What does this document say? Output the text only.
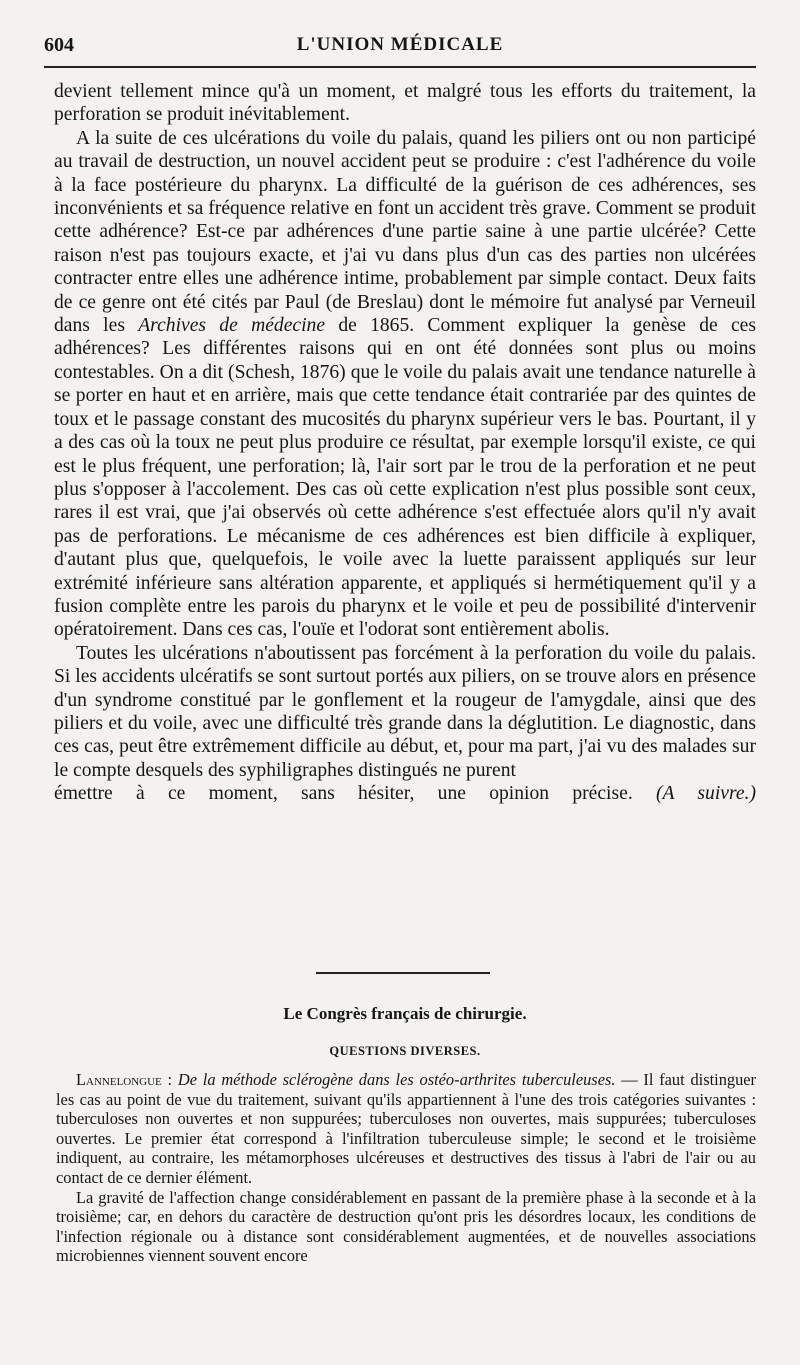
604	L'UNION MÉDICALE

devient tellement mince qu'à un moment, et malgré tous les efforts du traitement, la perforation se produit inévitablement.

A la suite de ces ulcérations du voile du palais, quand les piliers ont ou non participé au travail de destruction, un nouvel accident peut se produire : c'est l'adhérence du voile à la face postérieure du pharynx. La difficulté de la guérison de ces adhérences, ses inconvénients et sa fréquence relative en font un accident très grave. Comment se produit cette adhérence? Est-ce par adhérences d'une partie saine à une partie ulcérée? Cette raison n'est pas toujours exacte, et j'ai vu dans plus d'un cas des parties non ulcérées contracter entre elles une adhérence intime, probablement par simple contact. Deux faits de ce genre ont été cités par Paul (de Breslau) dont le mémoire fut analysé par Verneuil dans les Archives de médecine de 1865. Comment expliquer la genèse de ces adhérences? Les différentes raisons qui en ont été données sont plus ou moins contestables. On a dit (Schesh, 1876) que le voile du palais avait une tendance naturelle à se porter en haut et en arrière, mais que cette tendance était contrariée par des quintes de toux et le passage constant des mucosités du pharynx supérieur vers le bas. Pourtant, il y a des cas où la toux ne peut plus produire ce résultat, par exemple lorsqu'il existe, ce qui est le plus fréquent, une perforation; là, l'air sort par le trou de la perforation et ne peut plus s'opposer à l'accolement. Des cas où cette explication n'est plus possible sont ceux, rares il est vrai, que j'ai observés où cette adhérence s'est effectuée alors qu'il n'y avait pas de perforations. Le mécanisme de ces adhérences est bien difficile à expliquer, d'autant plus que, quelquefois, le voile avec la luette paraissent appliqués sur leur extrémité inférieure sans altération apparente, et appliqués si hermétiquement qu'il y a fusion complète entre les parois du pharynx et le voile et peu de possibilité d'intervenir opératoirement. Dans ces cas, l'ouïe et l'odorat sont entièrement abolis.

Toutes les ulcérations n'aboutissent pas forcément à la perforation du voile du palais. Si les accidents ulcératifs se sont surtout portés aux piliers, on se trouve alors en présence d'un syndrome constitué par le gonflement et la rougeur de l'amygdale, ainsi que des piliers et du voile, avec une difficulté très grande dans la déglutition. Le diagnostic, dans ces cas, peut être extrêmement difficile au début, et, pour ma part, j'ai vu des malades sur le compte desquels des syphiligraphes distingués ne purent

émettre à ce moment, sans hésiter, une opinion précise. (A suivre.)

Le Congrès français de chirurgie.
QUESTIONS DIVERSES.

Lannelongue : De la méthode sclérogène dans les ostéo-arthrites tuberculeuses. — Il faut distinguer les cas au point de vue du traitement, suivant qu'ils appartiennent à l'une des trois catégories suivantes : tuberculoses non ouvertes et non suppurées; tuberculoses non ouvertes, mais suppurées; tuberculoses ouvertes. Le premier état correspond à l'infiltration tuberculeuse simple; le second et le troisième indiquent, au contraire, les métamorphoses ulcéreuses et destructives des tissus à l'abri de l'air ou au contact de ce dernier élément.

La gravité de l'affection change considérablement en passant de la première phase à la seconde et à la troisième; car, en dehors du caractère de destruction qu'ont pris les désordres locaux, les conditions de l'infection régionale ou à distance sont considérablement augmentées, et de nouvelles associations microbiennes viennent souvent encore
